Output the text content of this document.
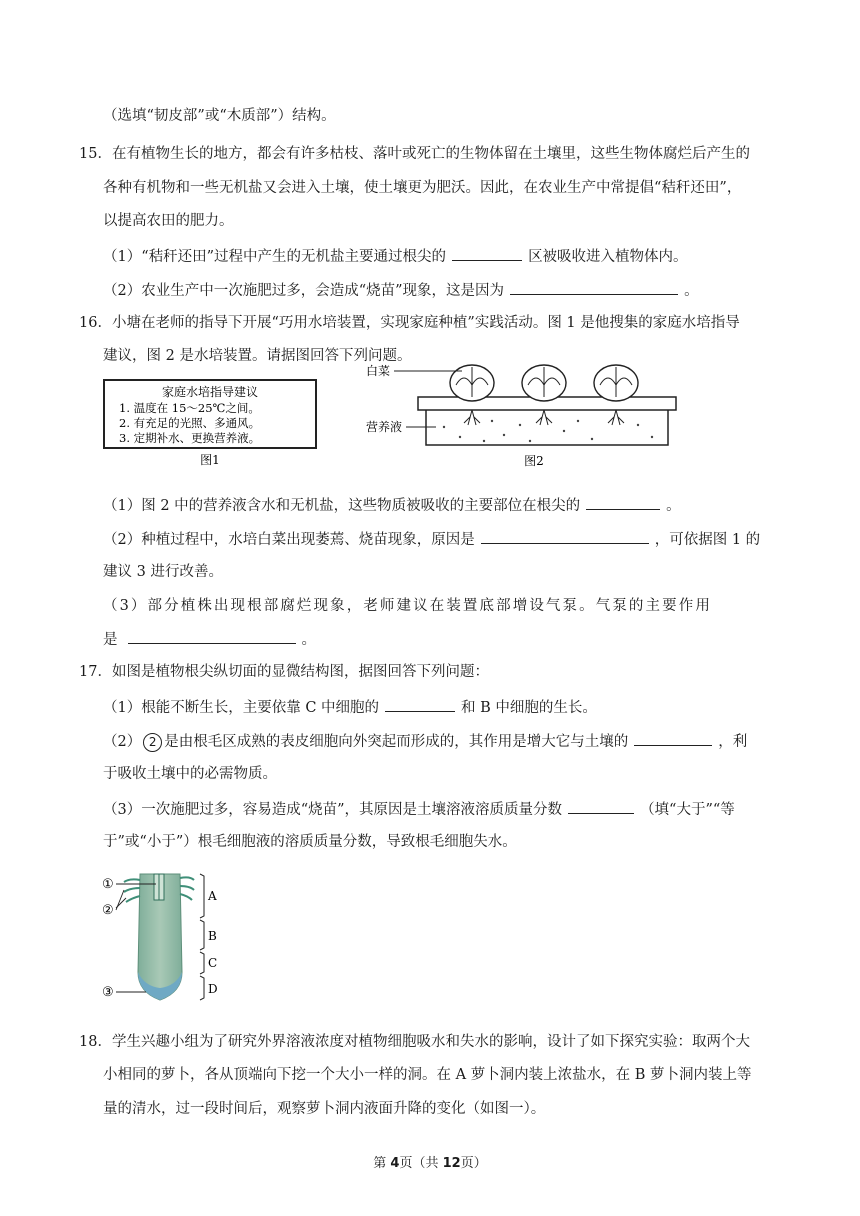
（选填“韧皮部”或“木质部”）结构。
15． 在有植物生长的地方，都会有许多枯枝、落叶或死亡的生物体留在土壤里，这些生物体腐烂后产生的
各种有机物和一些无机盐又会进入土壤，使土壤更为肥沃。因此，在农业生产中常提倡“秸秆还田”，
以提高农田的肥力。
（1）“秸秆还田”过程中产生的无机盐主要通过根尖的	区被吸收进入植物体内。
（2）农业生产中一次施肥过多，会造成“烧苗”现象，这是因为	。
16． 小塘在老师的指导下开展“巧用水培装置，实现家庭种植”实践活动。图 1 是他搜集的家庭水培指导
建议，图 2 是水培装置。请据图回答下列问题。
家庭水培指导建议
1. 温度在 15～25℃之间。
2. 有充足的光照、多通风。
3. 定期补水、更换营养液。
图1
白菜
营养液
图2
（1）图 2 中的营养液含水和无机盐，这些物质被吸收的主要部位在根尖的	。
（2）种植过程中，水培白菜出现萎蔫、烧苗现象，原因是	，可依据图 1 的
建议 3 进行改善。
（3）部分植株出现根部腐烂现象，老师建议在装置底部增设气泵。气泵的主要作用
是	。
17． 如图是植物根尖纵切面的显微结构图，据图回答下列问题：
（1）根能不断生长，主要依靠 C 中细胞的	和 B 中细胞的生长。
（2） 2 是由根毛区成熟的表皮细胞向外突起而形成的，其作用是增大它与土壤的	，利
于吸收土壤中的必需物质。
（3）一次施肥过多，容易造成“烧苗”，其原因是土壤溶液溶质质量分数	（填“大于”“等
于”或“小于”）根毛细胞液的溶质质量分数，导致根毛细胞失水。
①
②
③
A
B
C
D
18． 学生兴趣小组为了研究外界溶液浓度对植物细胞吸水和失水的影响，设计了如下探究实验：取两个大
小相同的萝卜，各从顶端向下挖一个大小一样的洞。在 A 萝卜洞内装上浓盐水，在 B 萝卜洞内装上等
量的清水，过一段时间后，观察萝卜洞内液面升降的变化（如图一）。
第 4页（共 12页）
